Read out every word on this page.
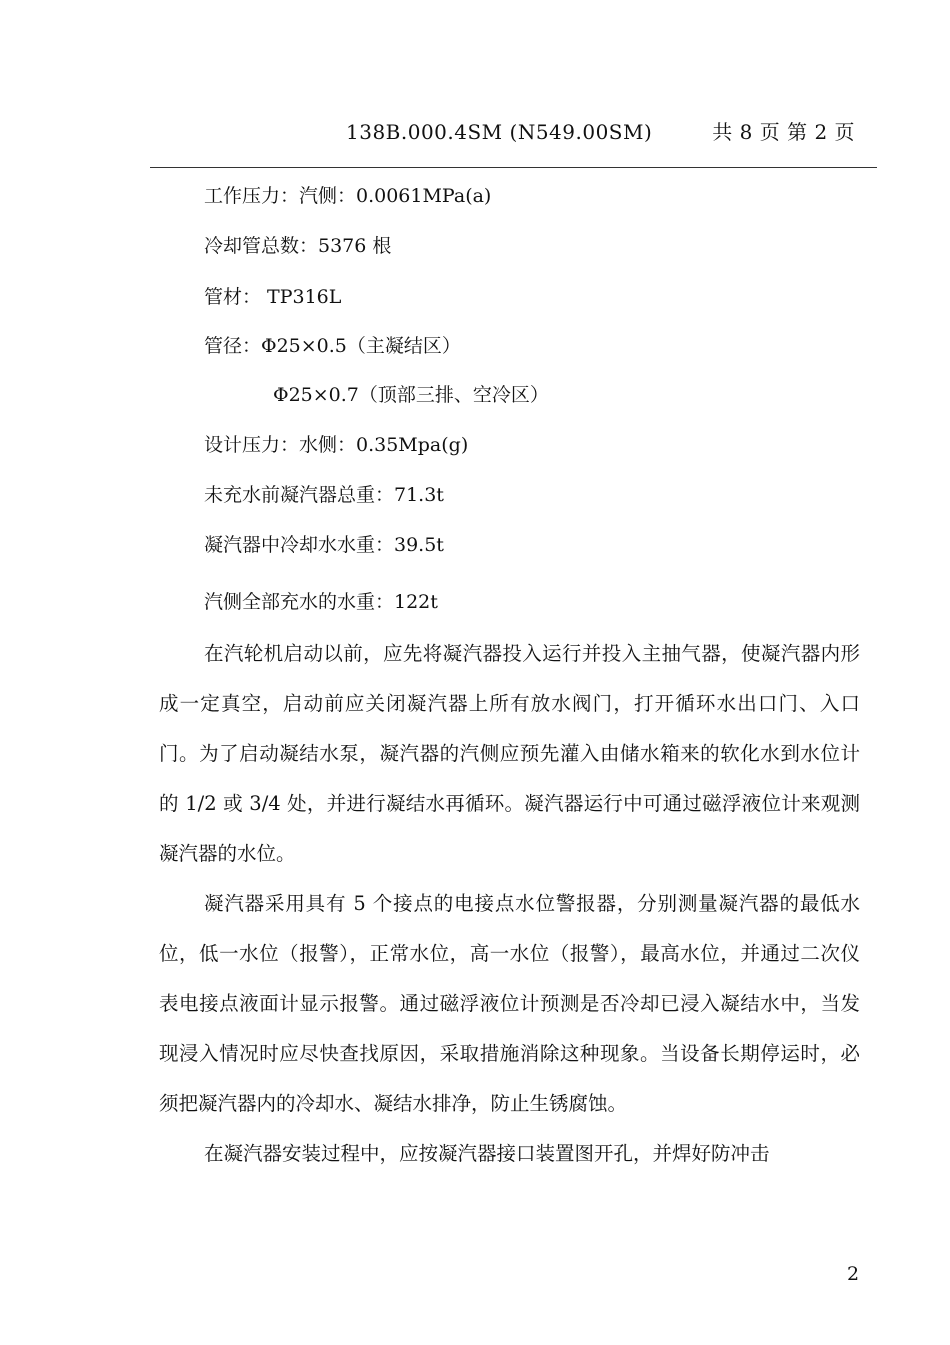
138B.000.4SM (N549.00SM)	共 8 页 第 2 页
工作压力：汽侧：0.0061MPa(a)
冷却管总数：5376 根
管材： TP316L
管径：Φ25×0.5（主凝结区）
Φ25×0.7（顶部三排、空冷区）
设计压力：水侧：0.35Mpa(g)
未充水前凝汽器总重：71.3t
凝汽器中冷却水水重：39.5t
汽侧全部充水的水重：122t

在汽轮机启动以前，应先将凝汽器投入运行并投入主抽气器，使凝汽器内形成一定真空，启动前应关闭凝汽器上所有放水阀门，打开循环水出口门、入口门。为了启动凝结水泵，凝汽器的汽侧应预先灌入由储水箱来的软化水到水位计的 1/2 或 3/4 处，并进行凝结水再循环。凝汽器运行中可通过磁浮液位计来观测凝汽器的水位。

凝汽器采用具有 5 个接点的电接点水位警报器，分别测量凝汽器的最低水位，低一水位（报警），正常水位，高一水位（报警），最高水位，并通过二次仪表电接点液面计显示报警。通过磁浮液位计预测是否冷却已浸入凝结水中，当发现浸入情况时应尽快查找原因，采取措施消除这种现象。当设备长期停运时，必须把凝汽器内的冷却水、凝结水排净，防止生锈腐蚀。

在凝汽器安装过程中，应按凝汽器接口装置图开孔，并焊好防冲击

2
